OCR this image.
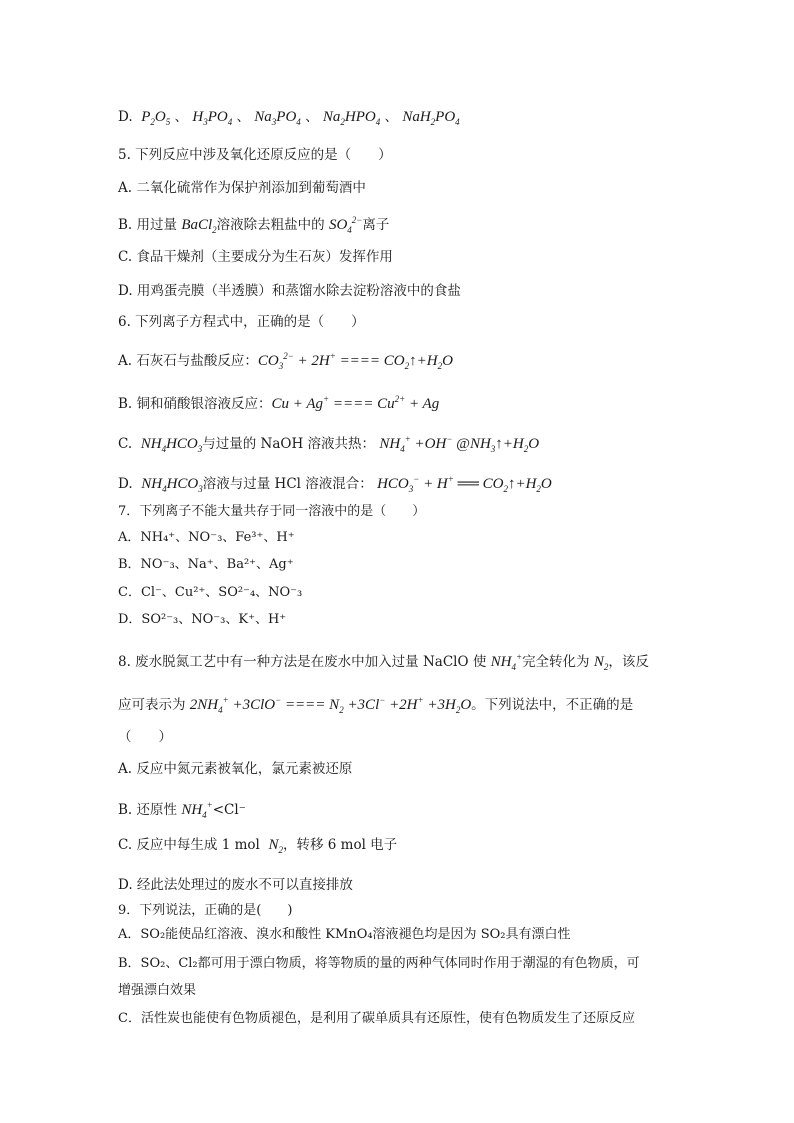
D. $P_2O_5$ 、 $H_3PO_4$ 、 $Na_3PO_4$ 、 $Na_2HPO_4$ 、 $NaH_2PO_4$
5. 下列反应中涉及氧化还原反应的是（　　）
A. 二氧化硫常作为保护剂添加到葡萄酒中
B. 用过量 BaCl$_2$溶液除去粗盐中的 $SO_4^{2-}$离子
C. 食品干燥剂（主要成分为生石灰）发挥作用
D. 用鸡蛋壳膜（半透膜）和蒸馏水除去淀粉溶液中的食盐
6. 下列离子方程式中，正确的是（　　）
A. 石灰石与盐酸反应：$CO_3^{2-} + 2H^+$ ==== $CO_2↑+H_2O$
B. 铜和硝酸银溶液反应：Cu + Ag+ ==== $Cu^{2+} + Ag$
C. $NH_4HCO_3$与过量的 NaOH 溶液共热： $NH_4^+ +OH^-$ $@NH_3↑+H_2O$
D. $NH_4HCO_3$溶液与过量 HCl 溶液混合： $HCO_3^- + H^+$ ══ $CO_2↑+H_2O$
7．下列离子不能大量共存于同一溶液中的是（　　）
A．NH₄⁺、NO⁻₃、Fe³⁺、H⁺
B．NO⁻₃、Na⁺、Ba²⁺、Ag⁺
C．Cl⁻、Cu²⁺、SO²⁻₄、NO⁻₃
D．SO²⁻₃、NO⁻₃、K⁺、H⁺
8. 废水脱氮工艺中有一种方法是在废水中加入过量 NaClO 使 $NH_4^+$完全转化为 $N_2$，该反
应可表示为 $2NH_4^+ +3ClO^-$ ==== $N_2 +3Cl^- +2H^+ +3H_2O$。下列说法中，不正确的是
（　　）
A. 反应中氮元素被氧化，氯元素被还原
B. 还原性 $NH_4^+<Cl^-$
C. 反应中每生成 1 mol $N_2$，转移 6 mol 电子
D. 经此法处理过的废水不可以直接排放
9．下列说法，正确的是(　　)
A．SO₂能使品红溶液、溴水和酸性 KMnO₄溶液褪色均是因为 SO₂具有漂白性
B．SO₂、Cl₂都可用于漂白物质，将等物质的量的两种气体同时作用于潮湿的有色物质，可
增强漂白效果
C．活性炭也能使有色物质褪色，是利用了碳单质具有还原性，使有色物质发生了还原反应
